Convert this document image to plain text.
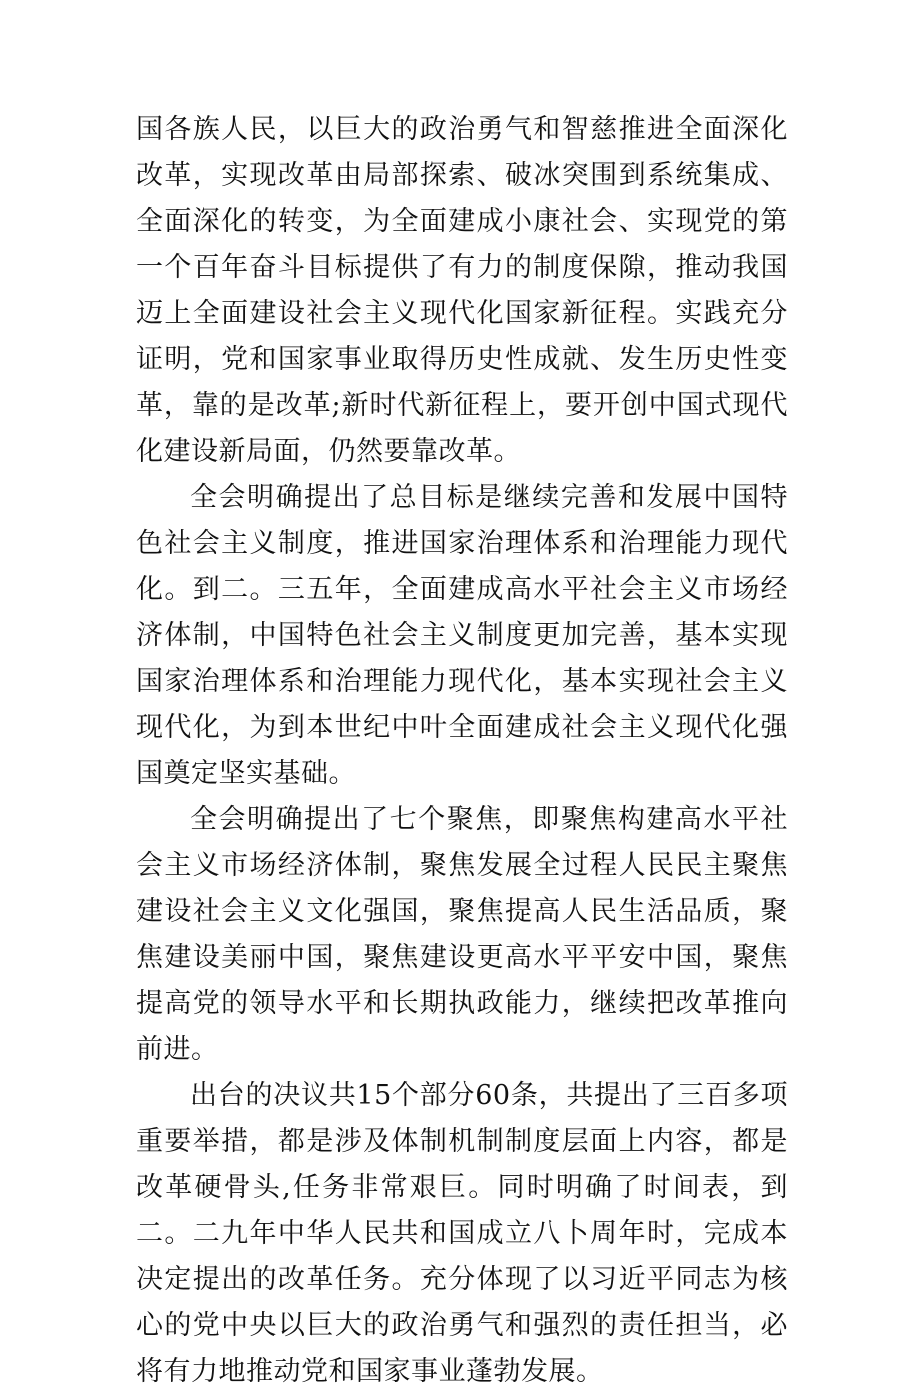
国各族人民，以巨大的政治勇气和智慈推进全面深化改革，实现改革由局部探索、破冰突围到系统集成、全面深化的转变，为全面建成小康社会、实现党的第一个百年奋斗目标提供了有力的制度保隙，推动我国迈上全面建设社会主义现代化国家新征程。实践充分证明，党和国家事业取得历史性成就、发生历史性变革，靠的是改革;新时代新征程上，要开创中国式现代化建设新局面，仍然要靠改革。

全会明确提出了总目标是继续完善和发展中国特色社会主义制度，推进国家治理体系和治理能力现代化。到二。三五年，全面建成高水平社会主义市场经济体制，中国特色社会主义制度更加完善，基本实现国家治理体系和治理能力现代化，基本实现社会主义现代化，为到本世纪中叶全面建成社会主义现代化强国奠定坚实基础。

全会明确提出了七个聚焦，即聚焦构建高水平社会主义市场经济体制，聚焦发展全过程人民民主聚焦建设社会主义文化强国，聚焦提高人民生活品质，聚焦建设美丽中国，聚焦建设更高水平平安中国，聚焦提高党的领导水平和长期执政能力，继续把改革推向前进。

出台的决议共15个部分60条，共提出了三百多项重要举措，都是涉及体制机制制度层面上内容，都是改革硬骨头,任务非常艰巨。同时明确了时间表，到二。二九年中华人民共和国成立八卜周年时，完成本决定提出的改革任务。充分体现了以习近平同志为核心的党中央以巨大的政治勇气和强烈的责任担当，必将有力地推动党和国家事业蓬勃发展。
